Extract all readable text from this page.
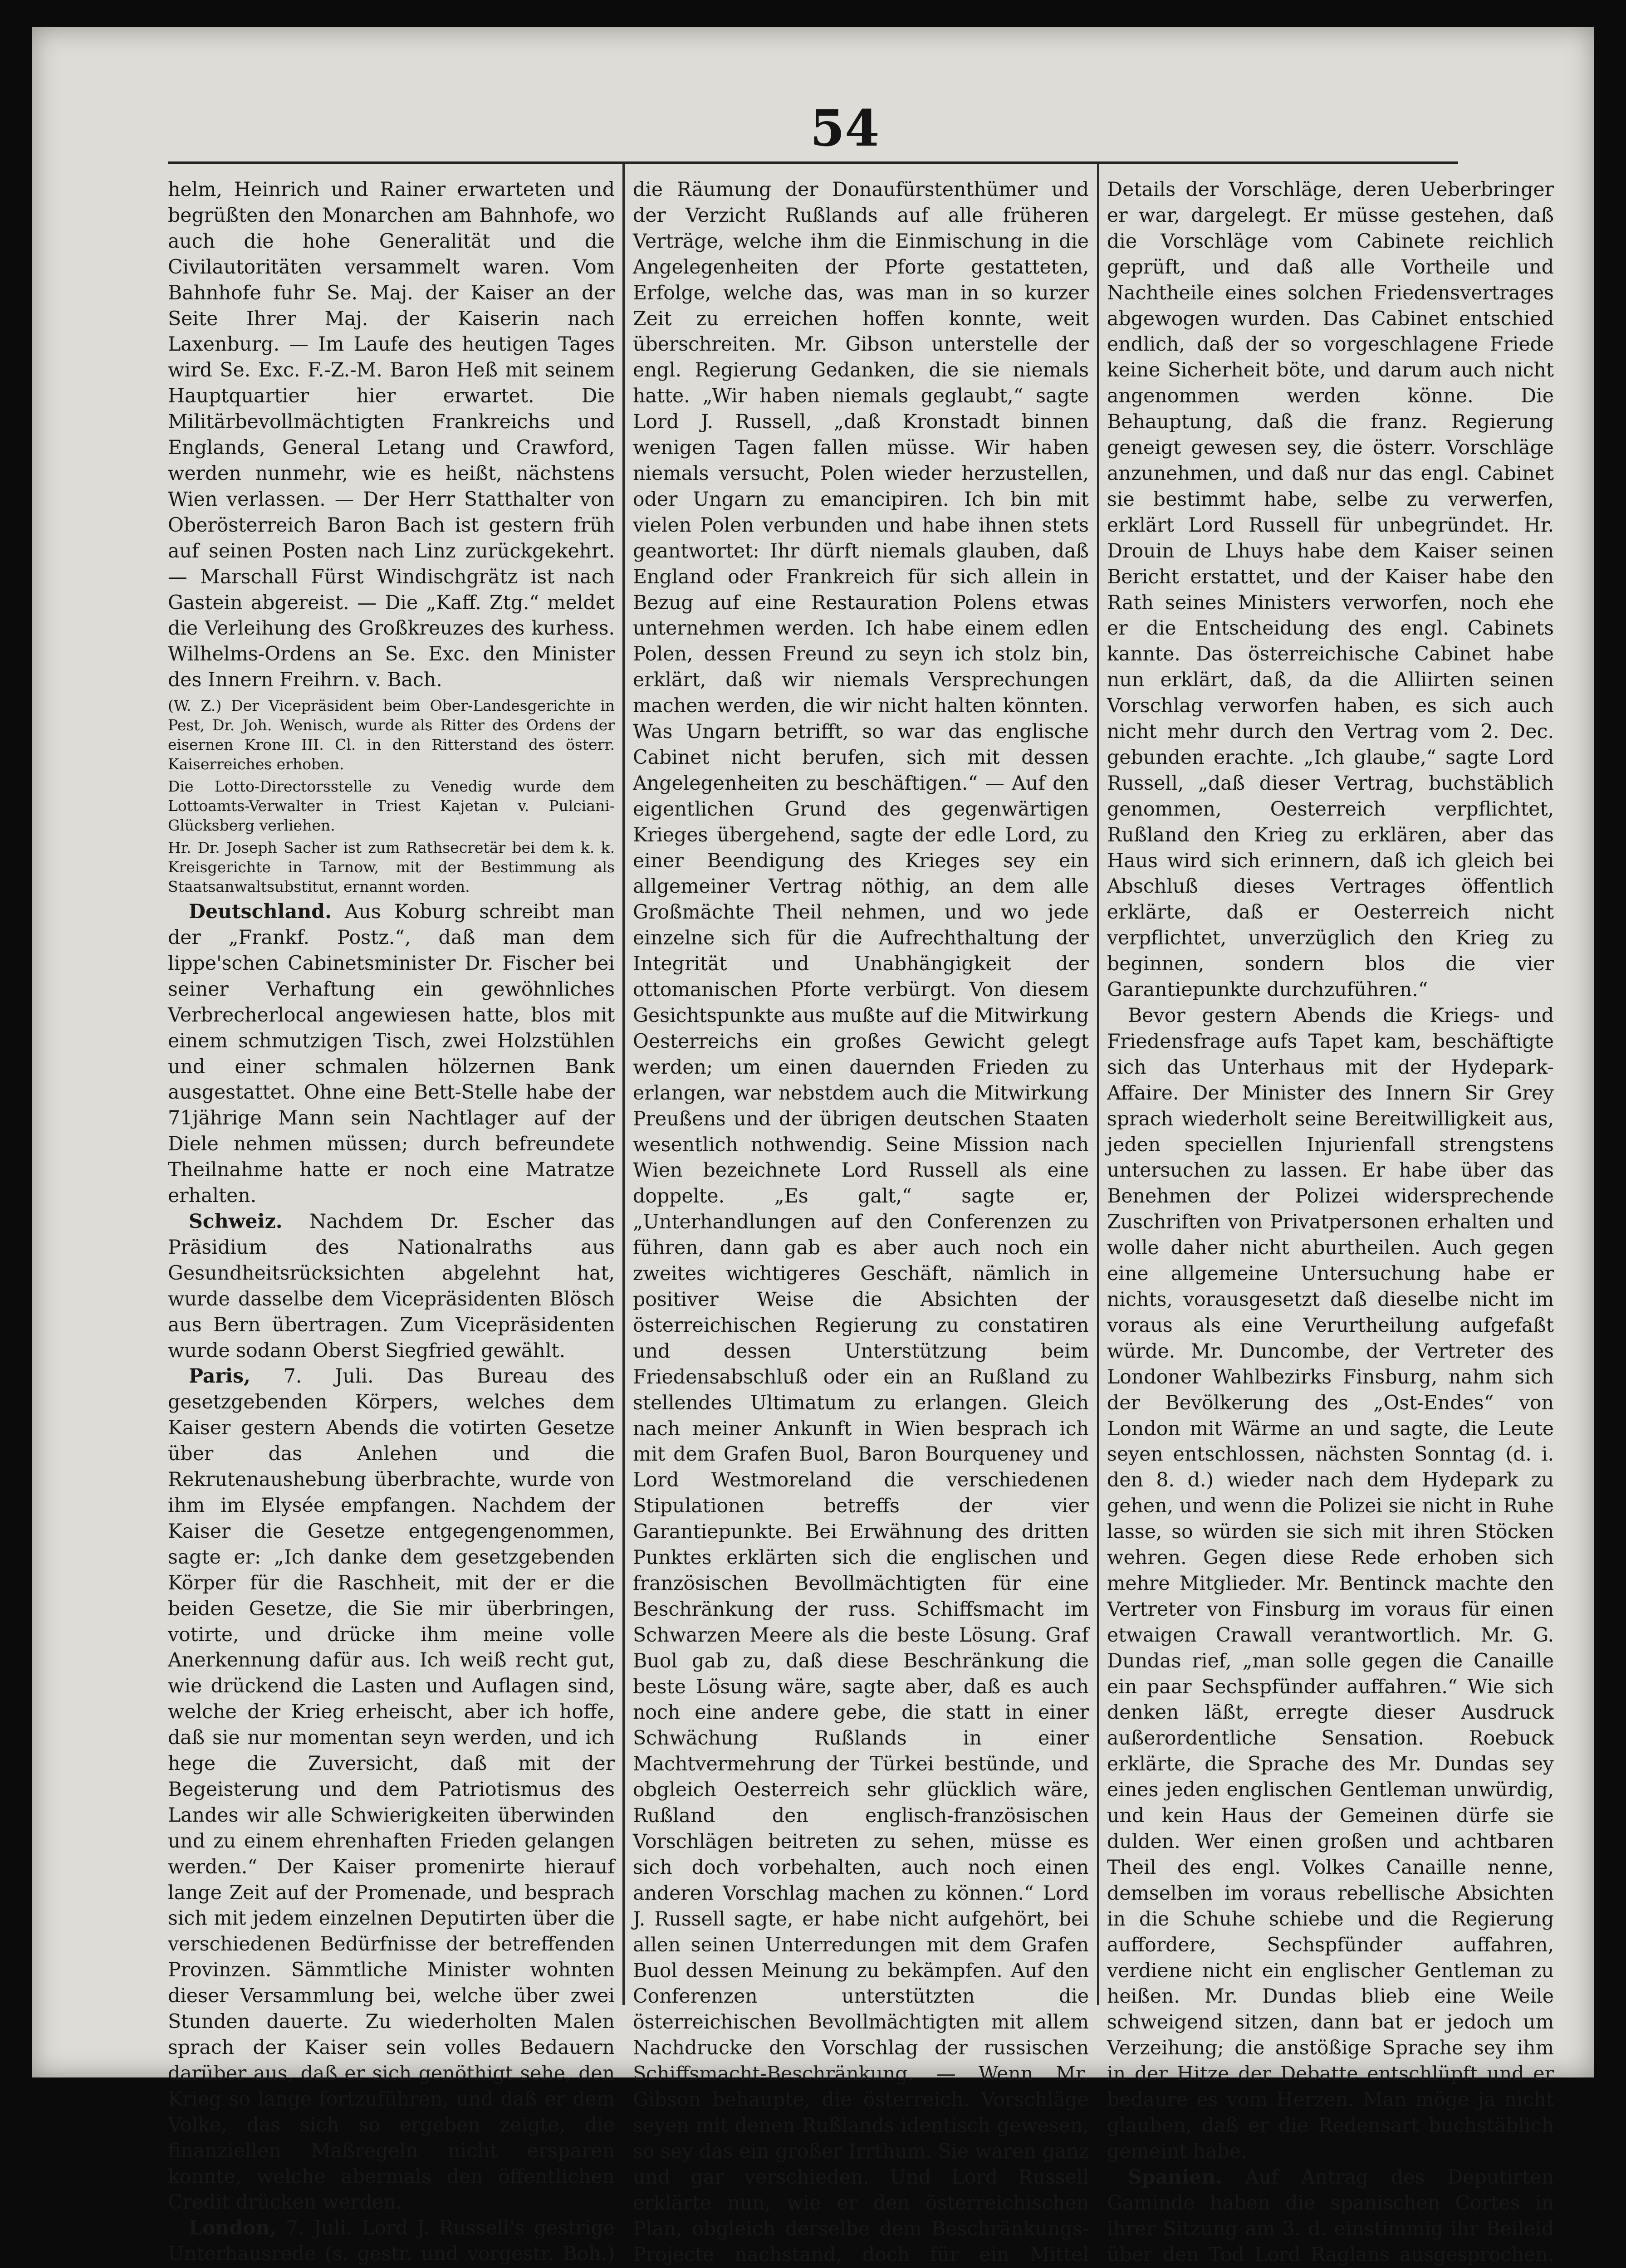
54

helm, Heinrich und Rainer erwarteten und begrüßten den Monarchen am Bahnhofe, wo auch die hohe Generalität und die Civilautoritäten versammelt waren. Vom Bahnhofe fuhr Se. Maj. der Kaiser an der Seite Ihrer Maj. der Kaiserin nach Laxenburg. — Im Laufe des heutigen Tages wird Se. Exc. F.-Z.-M. Baron Heß mit seinem Hauptquartier hier erwartet. Die Militärbevollmächtigten Frankreichs und Englands, General Letang und Crawford, werden nunmehr, wie es heißt, nächstens Wien verlassen. — Der Herr Statthalter von Oberösterreich Baron Bach ist gestern früh auf seinen Posten nach Linz zurückgekehrt. — Marschall Fürst Windischgrätz ist nach Gastein abgereist. — Die „Kaff. Ztg.“ meldet die Verleihung des Großkreuzes des kurhess. Wilhelms-Ordens an Se. Exc. den Minister des Innern Freihrn. v. Bach.

(W. Z.) Der Vicepräsident beim Ober-Landesgerichte in Pest, Dr. Joh. Wenisch, wurde als Ritter des Ordens der eisernen Krone III. Cl. in den Ritterstand des österr. Kaiserreiches erhoben.

Die Lotto-Directorsstelle zu Venedig wurde dem Lottoamts-Verwalter in Triest Kajetan v. Pulciani-Glücksberg verliehen.

Hr. Dr. Joseph Sacher ist zum Rathsecretär bei dem k. k. Kreisgerichte in Tarnow, mit der Bestimmung als Staatsanwaltsubstitut, ernannt worden.

Deutschland. Aus Koburg schreibt man der „Frankf. Postz.“, daß man dem lippe'schen Cabinetsminister Dr. Fischer bei seiner Verhaftung ein gewöhnliches Verbrecherlocal angewiesen hatte, blos mit einem schmutzigen Tisch, zwei Holzstühlen und einer schmalen hölzernen Bank ausgestattet. Ohne eine Bett-Stelle habe der 71jährige Mann sein Nachtlager auf der Diele nehmen müssen; durch befreundete Theilnahme hatte er noch eine Matratze erhalten.

Schweiz. Nachdem Dr. Escher das Präsidium des Nationalraths aus Gesundheitsrücksichten abgelehnt hat, wurde dasselbe dem Vicepräsidenten Blösch aus Bern übertragen. Zum Vicepräsidenten wurde sodann Oberst Siegfried gewählt.

Paris, 7. Juli. Das Bureau des gesetzgebenden Körpers, welches dem Kaiser gestern Abends die votirten Gesetze über das Anlehen und die Rekrutenaushebung überbrachte, wurde von ihm im Elysée empfangen. Nachdem der Kaiser die Gesetze entgegengenommen, sagte er: „Ich danke dem gesetzgebenden Körper für die Raschheit, mit der er die beiden Gesetze, die Sie mir überbringen, votirte, und drücke ihm meine volle Anerkennung dafür aus. Ich weiß recht gut, wie drückend die Lasten und Auflagen sind, welche der Krieg erheischt, aber ich hoffe, daß sie nur momentan seyn werden, und ich hege die Zuversicht, daß mit der Begeisterung und dem Patriotismus des Landes wir alle Schwierigkeiten überwinden und zu einem ehrenhaften Frieden gelangen werden.“ Der Kaiser promenirte hierauf lange Zeit auf der Promenade, und besprach sich mit jedem einzelnen Deputirten über die verschiedenen Bedürfnisse der betreffenden Provinzen. Sämmtliche Minister wohnten dieser Versammlung bei, welche über zwei Stunden dauerte. Zu wiederholten Malen sprach der Kaiser sein volles Bedauern darüber aus, daß er sich genöthigt sehe, den Krieg so lange fortzuführen, und daß er dem Volke, das sich so ergeben zeigte, die finanziellen Maßregeln nicht ersparen konnte, welche abermals den öffentlichen Credit drücken werden.

London, 7. Juli. Lord J. Russell's gestrige Unterhausrede (s. gestr. und vorgestr. Boh.)

die Räumung der Donaufürstenthümer und der Verzicht Rußlands auf alle früheren Verträge, welche ihm die Einmischung in die Angelegenheiten der Pforte gestatteten, Erfolge, welche das, was man in so kurzer Zeit zu erreichen hoffen konnte, weit überschreiten. Mr. Gibson unterstelle der engl. Regierung Gedanken, die sie niemals hatte. „Wir haben niemals geglaubt,“ sagte Lord J. Russell, „daß Kronstadt binnen wenigen Tagen fallen müsse. Wir haben niemals versucht, Polen wieder herzustellen, oder Ungarn zu emancipiren. Ich bin mit vielen Polen verbunden und habe ihnen stets geantwortet: Ihr dürft niemals glauben, daß England oder Frankreich für sich allein in Bezug auf eine Restauration Polens etwas unternehmen werden. Ich habe einem edlen Polen, dessen Freund zu seyn ich stolz bin, erklärt, daß wir niemals Versprechungen machen werden, die wir nicht halten könnten. Was Ungarn betrifft, so war das englische Cabinet nicht berufen, sich mit dessen Angelegenheiten zu beschäftigen.“ — Auf den eigentlichen Grund des gegenwärtigen Krieges übergehend, sagte der edle Lord, zu einer Beendigung des Krieges sey ein allgemeiner Vertrag nöthig, an dem alle Großmächte Theil nehmen, und wo jede einzelne sich für die Aufrechthaltung der Integrität und Unabhängigkeit der ottomanischen Pforte verbürgt. Von diesem Gesichtspunkte aus mußte auf die Mitwirkung Oesterreichs ein großes Gewicht gelegt werden; um einen dauernden Frieden zu erlangen, war nebstdem auch die Mitwirkung Preußens und der übrigen deutschen Staaten wesentlich nothwendig. Seine Mission nach Wien bezeichnete Lord Russell als eine doppelte. „Es galt,“ sagte er, „Unterhandlungen auf den Conferenzen zu führen, dann gab es aber auch noch ein zweites wichtigeres Geschäft, nämlich in positiver Weise die Absichten der österreichischen Regierung zu constatiren und dessen Unterstützung beim Friedensabschluß oder ein an Rußland zu stellendes Ultimatum zu erlangen. Gleich nach meiner Ankunft in Wien besprach ich mit dem Grafen Buol, Baron Bourqueney und Lord Westmoreland die verschiedenen Stipulationen betreffs der vier Garantiepunkte. Bei Erwähnung des dritten Punktes erklärten sich die englischen und französischen Bevollmächtigten für eine Beschränkung der russ. Schiffsmacht im Schwarzen Meere als die beste Lösung. Graf Buol gab zu, daß diese Beschränkung die beste Lösung wäre, sagte aber, daß es auch noch eine andere gebe, die statt in einer Schwächung Rußlands in einer Machtvermehrung der Türkei bestünde, und obgleich Oesterreich sehr glücklich wäre, Rußland den englisch-französischen Vorschlägen beitreten zu sehen, müsse es sich doch vorbehalten, auch noch einen anderen Vorschlag machen zu können.“ Lord J. Russell sagte, er habe nicht aufgehört, bei allen seinen Unterredungen mit dem Grafen Buol dessen Meinung zu bekämpfen. Auf den Conferenzen unterstützten die österreichischen Bevollmächtigten mit allem Nachdrucke den Vorschlag der russischen Schiffsmacht-Beschränkung. — Wenn Mr. Gibson behaupte, die österreich. Vorschläge seyen mit denen Rußlands identisch gewesen, so sey das ein großer Irrthum. Sie waren ganz und gar verschieden. Und Lord Russell erklärte nun, wie er den österreichischen Plan, obgleich derselbe dem Beschränkungs-Projecte nachstand, doch für ein Mittel

Details der Vorschläge, deren Ueberbringer er war, dargelegt. Er müsse gestehen, daß die Vorschläge vom Cabinete reichlich geprüft, und daß alle Vortheile und Nachtheile eines solchen Friedensvertrages abgewogen wurden. Das Cabinet entschied endlich, daß der so vorgeschlagene Friede keine Sicherheit böte, und darum auch nicht angenommen werden könne. Die Behauptung, daß die franz. Regierung geneigt gewesen sey, die österr. Vorschläge anzunehmen, und daß nur das engl. Cabinet sie bestimmt habe, selbe zu verwerfen, erklärt Lord Russell für unbegründet. Hr. Drouin de Lhuys habe dem Kaiser seinen Bericht erstattet, und der Kaiser habe den Rath seines Ministers verworfen, noch ehe er die Entscheidung des engl. Cabinets kannte. Das österreichische Cabinet habe nun erklärt, daß, da die Alliirten seinen Vorschlag verworfen haben, es sich auch nicht mehr durch den Vertrag vom 2. Dec. gebunden erachte. „Ich glaube,“ sagte Lord Russell, „daß dieser Vertrag, buchstäblich genommen, Oesterreich verpflichtet, Rußland den Krieg zu erklären, aber das Haus wird sich erinnern, daß ich gleich bei Abschluß dieses Vertrages öffentlich erklärte, daß er Oesterreich nicht verpflichtet, unverzüglich den Krieg zu beginnen, sondern blos die vier Garantiepunkte durchzuführen.“

Bevor gestern Abends die Kriegs- und Friedensfrage aufs Tapet kam, beschäftigte sich das Unterhaus mit der Hydepark-Affaire. Der Minister des Innern Sir Grey sprach wiederholt seine Bereitwilligkeit aus, jeden speciellen Injurienfall strengstens untersuchen zu lassen. Er habe über das Benehmen der Polizei widersprechende Zuschriften von Privatpersonen erhalten und wolle daher nicht aburtheilen. Auch gegen eine allgemeine Untersuchung habe er nichts, vorausgesetzt daß dieselbe nicht im voraus als eine Verurtheilung aufgefaßt würde. Mr. Duncombe, der Vertreter des Londoner Wahlbezirks Finsburg, nahm sich der Bevölkerung des „Ost-Endes“ von London mit Wärme an und sagte, die Leute seyen entschlossen, nächsten Sonntag (d. i. den 8. d.) wieder nach dem Hydepark zu gehen, und wenn die Polizei sie nicht in Ruhe lasse, so würden sie sich mit ihren Stöcken wehren. Gegen diese Rede erhoben sich mehre Mitglieder. Mr. Bentinck machte den Vertreter von Finsburg im voraus für einen etwaigen Crawall verantwortlich. Mr. G. Dundas rief, „man solle gegen die Canaille ein paar Sechspfünder auffahren.“ Wie sich denken läßt, erregte dieser Ausdruck außerordentliche Sensation. Roebuck erklärte, die Sprache des Mr. Dundas sey eines jeden englischen Gentleman unwürdig, und kein Haus der Gemeinen dürfe sie dulden. Wer einen großen und achtbaren Theil des engl. Volkes Canaille nenne, demselben im voraus rebellische Absichten in die Schuhe schiebe und die Regierung auffordere, Sechspfünder auffahren, verdiene nicht ein englischer Gentleman zu heißen. Mr. Dundas blieb eine Weile schweigend sitzen, dann bat er jedoch um Verzeihung; die anstößige Sprache sey ihm in der Hitze der Debatte entschlüpft und er bedaure es vom Herzen. Man möge ja nicht glauben, daß er die Redensart buchstäblich gemeint habe.

Spanien. Auf Antrag des Deputirten Gaminde haben die spanischen Cortes in ihrer Sitzung am 3. d. einstimmig ihr Beileid über den Tod Lord Raglans ausgesprochen.
